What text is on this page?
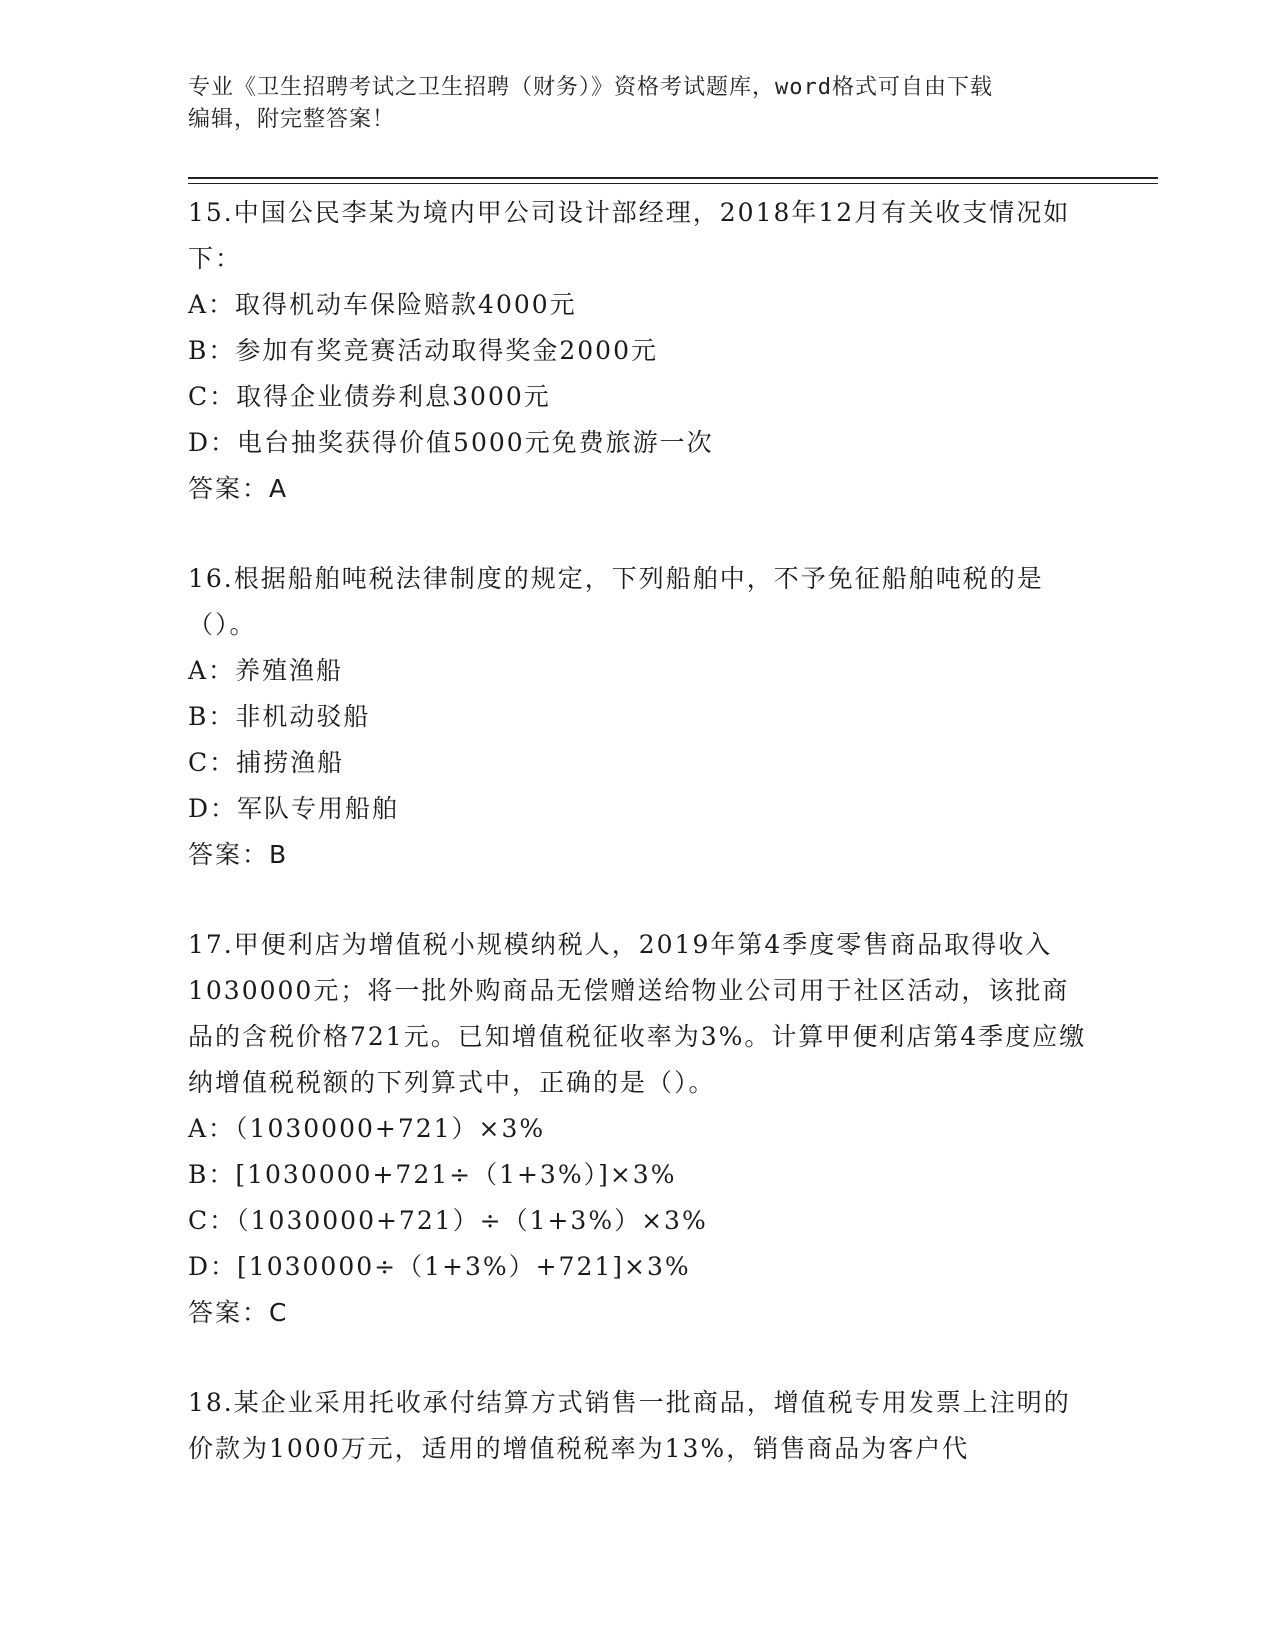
专业《卫生招聘考试之卫生招聘（财务）》资格考试题库，word格式可自由下载

编辑，附完整答案！

15.中国公民李某为境内甲公司设计部经理，2018年12月有关收支情况如下：

A：取得机动车保险赔款4000元

B：参加有奖竞赛活动取得奖金2000元

C：取得企业债券利息3000元

D：电台抽奖获得价值5000元免费旅游一次

答案：A

16.根据船舶吨税法律制度的规定，下列船舶中，不予免征船舶吨税的是（）。

A：养殖渔船

B：非机动驳船

C：捕捞渔船

D：军队专用船舶

答案：B

17.甲便利店为增值税小规模纳税人，2019年第4季度零售商品取得收入1030000元；将一批外购商品无偿赠送给物业公司用于社区活动，该批商品的含税价格721元。已知增值税征收率为3%。计算甲便利店第4季度应缴纳增值税税额的下列算式中，正确的是（）。

A：（1030000+721）×3%

B：[1030000+721÷（1+3%）]×3%

C：（1030000+721）÷（1+3%）×3%

D：[1030000÷（1+3%）+721]×3%

答案：C

18.某企业采用托收承付结算方式销售一批商品，增值税专用发票上注明的价款为1000万元，适用的增值税税率为13%，销售商品为客户代
